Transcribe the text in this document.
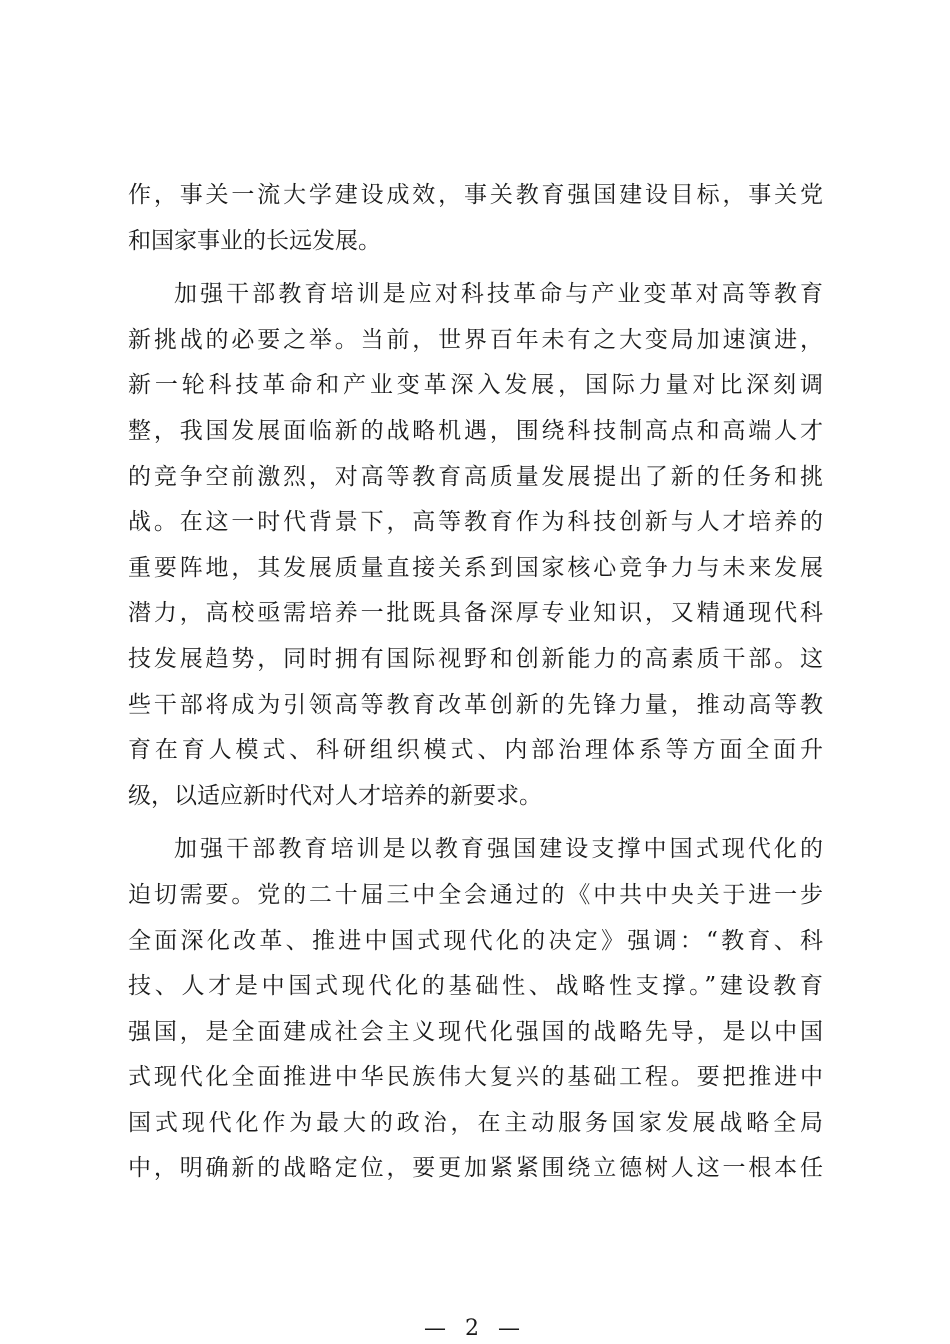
作，事关一流大学建设成效，事关教育强国建设目标，事关党
和国家事业的长远发展。
加强干部教育培训是应对科技革命与产业变革对高等教育
新挑战的必要之举。当前，世界百年未有之大变局加速演进，
新一轮科技革命和产业变革深入发展，国际力量对比深刻调
整，我国发展面临新的战略机遇，围绕科技制高点和高端人才
的竞争空前激烈，对高等教育高质量发展提出了新的任务和挑
战。在这一时代背景下，高等教育作为科技创新与人才培养的
重要阵地，其发展质量直接关系到国家核心竞争力与未来发展
潜力，高校亟需培养一批既具备深厚专业知识，又精通现代科
技发展趋势，同时拥有国际视野和创新能力的高素质干部。这
些干部将成为引领高等教育改革创新的先锋力量，推动高等教
育在育人模式、科研组织模式、内部治理体系等方面全面升
级，以适应新时代对人才培养的新要求。
加强干部教育培训是以教育强国建设支撑中国式现代化的
迫切需要。党的二十届三中全会通过的《中共中央关于进一步
全面深化改革、推进中国式现代化的决定》强调：“教育、科
技、人才是中国式现代化的基础性、战略性支撑。”建设教育
强国，是全面建成社会主义现代化强国的战略先导，是以中国
式现代化全面推进中华民族伟大复兴的基础工程。要把推进中
国式现代化作为最大的政治，在主动服务国家发展战略全局
中，明确新的战略定位，要更加紧紧围绕立德树人这一根本任
— 2 —
